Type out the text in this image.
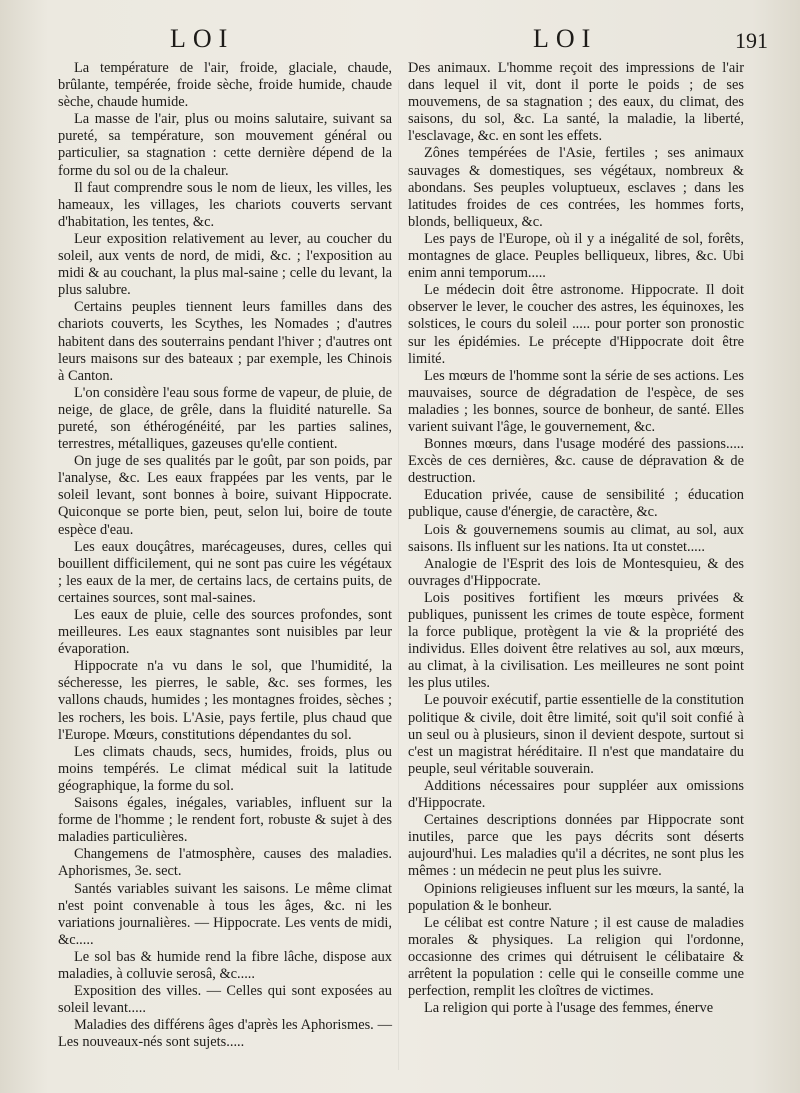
LOI	LOI	191

La température de l'air, froide, glaciale, chaude, brûlante, tempérée, froide sèche, froide humide, chaude sèche, chaude humide.

La masse de l'air, plus ou moins salutaire, suivant sa pureté, sa température, son mouvement général ou particulier, sa stagnation : cette dernière dépend de la forme du sol ou de la chaleur.

Il faut comprendre sous le nom de lieux, les villes, les hameaux, les villages, les chariots couverts servant d'habitation, les tentes, &c.

Leur exposition relativement au lever, au coucher du soleil, aux vents de nord, de midi, &c. ; l'exposition au midi & au couchant, la plus mal-saine ; celle du levant, la plus salubre.

Certains peuples tiennent leurs familles dans des chariots couverts, les Scythes, les Nomades ; d'autres habitent dans des souterrains pendant l'hiver ; d'autres ont leurs maisons sur des bateaux ; par exemple, les Chinois à Canton.

L'on considère l'eau sous forme de vapeur, de pluie, de neige, de glace, de grêle, dans la fluidité naturelle. Sa pureté, son éthérogénéité, par les parties salines, terrestres, métalliques, gazeuses qu'elle contient.

On juge de ses qualités par le goût, par son poids, par l'analyse, &c. Les eaux frappées par les vents, par le soleil levant, sont bonnes à boire, suivant Hippocrate. Quiconque se porte bien, peut, selon lui, boire de toute espèce d'eau.

Les eaux douçâtres, marécageuses, dures, celles qui bouillent difficilement, qui ne sont pas cuire les végétaux ; les eaux de la mer, de certains lacs, de certains puits, de certaines sources, sont mal-saines.

Les eaux de pluie, celle des sources profondes, sont meilleures. Les eaux stagnantes sont nuisibles par leur évaporation.

Hippocrate n'a vu dans le sol, que l'humidité, la sécheresse, les pierres, le sable, &c. ses formes, les vallons chauds, humides ; les montagnes froides, sèches ; les rochers, les bois. L'Asie, pays fertile, plus chaud que l'Europe. Mœurs, constitutions dépendantes du sol.

Les climats chauds, secs, humides, froids, plus ou moins tempérés. Le climat médical suit la latitude géographique, la forme du sol.

Saisons égales, inégales, variables, influent sur la forme de l'homme ; le rendent fort, robuste & sujet à des maladies particulières.

Changemens de l'atmosphère, causes des maladies. Aphorismes, 3e. sect.

Santés variables suivant les saisons. Le même climat n'est point convenable à tous les âges, &c. ni les variations journalières. — Hippocrate. Les vents de midi, &c.....

Le sol bas & humide rend la fibre lâche, dispose aux maladies, à colluvie serosâ, &c.....

Exposition des villes. — Celles qui sont exposées au soleil levant.....

Maladies des différens âges d'après les Aphorismes. — Les nouveaux-nés sont sujets.....

Des animaux. L'homme reçoit des impressions de l'air dans lequel il vit, dont il porte le poids ; de ses mouvemens, de sa stagnation ; des eaux, du climat, des saisons, du sol, &c. La santé, la maladie, la liberté, l'esclavage, &c. en sont les effets.

Zônes tempérées de l'Asie, fertiles ; ses animaux sauvages & domestiques, ses végétaux, nombreux & abondans. Ses peuples voluptueux, esclaves ; dans les latitudes froides de ces contrées, les hommes forts, blonds, belliqueux, &c.

Les pays de l'Europe, où il y a inégalité de sol, forêts, montagnes de glace. Peuples belliqueux, libres, &c. Ubi enim anni temporum.....

Le médecin doit être astronome. Hippocrate. Il doit observer le lever, le coucher des astres, les équinoxes, les solstices, le cours du soleil ..... pour porter son pronostic sur les épidémies. Le précepte d'Hippocrate doit être limité.

Les mœurs de l'homme sont la série de ses actions. Les mauvaises, source de dégradation de l'espèce, de ses maladies ; les bonnes, source de bonheur, de santé. Elles varient suivant l'âge, le gouvernement, &c.

Bonnes mœurs, dans l'usage modéré des passions..... Excès de ces dernières, &c. cause de dépravation & de destruction.

Education privée, cause de sensibilité ; éducation publique, cause d'énergie, de caractère, &c.

Lois & gouvernemens soumis au climat, au sol, aux saisons. Ils influent sur les nations. Ita ut constet.....

Analogie de l'Esprit des lois de Montesquieu, & des ouvrages d'Hippocrate.

Lois positives fortifient les mœurs privées & publiques, punissent les crimes de toute espèce, forment la force publique, protègent la vie & la propriété des individus. Elles doivent être relatives au sol, aux mœurs, au climat, à la civilisation. Les meilleures ne sont point les plus utiles.

Le pouvoir exécutif, partie essentielle de la constitution politique & civile, doit être limité, soit qu'il soit confié à un seul ou à plusieurs, sinon il devient despote, surtout si c'est un magistrat héréditaire. Il n'est que mandataire du peuple, seul véritable souverain.

Additions nécessaires pour suppléer aux omissions d'Hippocrate.

Certaines descriptions données par Hippocrate sont inutiles, parce que les pays décrits sont déserts aujourd'hui. Les maladies qu'il a décrites, ne sont plus les mêmes : un médecin ne peut plus les suivre.

Opinions religieuses influent sur les mœurs, la santé, la population & le bonheur.

Le célibat est contre Nature ; il est cause de maladies morales & physiques. La religion qui l'ordonne, occasionne des crimes qui détruisent le célibataire & arrêtent la population : celle qui le conseille comme une perfection, remplit les cloîtres de victimes.

La religion qui porte à l'usage des femmes, énerve
